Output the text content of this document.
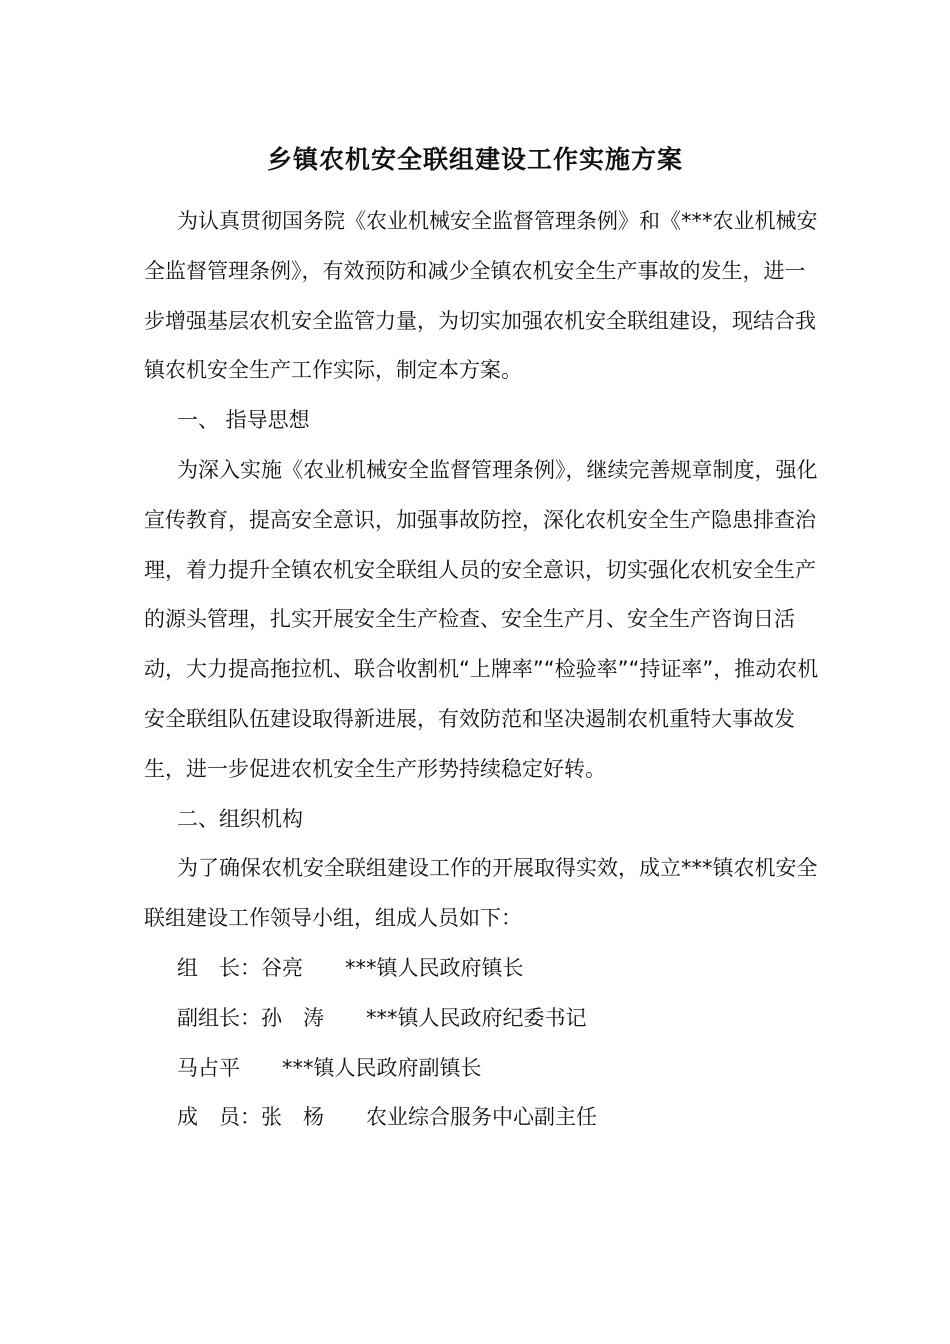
乡镇农机安全联组建设工作实施方案

为认真贯彻国务院《农业机械安全监督管理条例》和《***农业机械安全监督管理条例》，有效预防和减少全镇农机安全生产事故的发生，进一步增强基层农机安全监管力量，为切实加强农机安全联组建设，现结合我镇农机安全生产工作实际，制定本方案。

一、 指导思想

为深入实施《农业机械安全监督管理条例》，继续完善规章制度，强化宣传教育，提高安全意识，加强事故防控，深化农机安全生产隐患排查治理，着力提升全镇农机安全联组人员的安全意识，切实强化农机安全生产的源头管理，扎实开展安全生产检查、安全生产月、安全生产咨询日活动，大力提高拖拉机、联合收割机“上牌率”“检验率”“持证率”，推动农机安全联组队伍建设取得新进展，有效防范和坚决遏制农机重特大事故发生，进一步促进农机安全生产形势持续稳定好转。

二、组织机构

为了确保农机安全联组建设工作的开展取得实效，成立***镇农机安全联组建设工作领导小组，组成人员如下：

组　长：谷亮　　***镇人民政府镇长

副组长：孙　涛　　***镇人民政府纪委书记

马占平　　***镇人民政府副镇长

成　员：张　杨　　农业综合服务中心副主任
